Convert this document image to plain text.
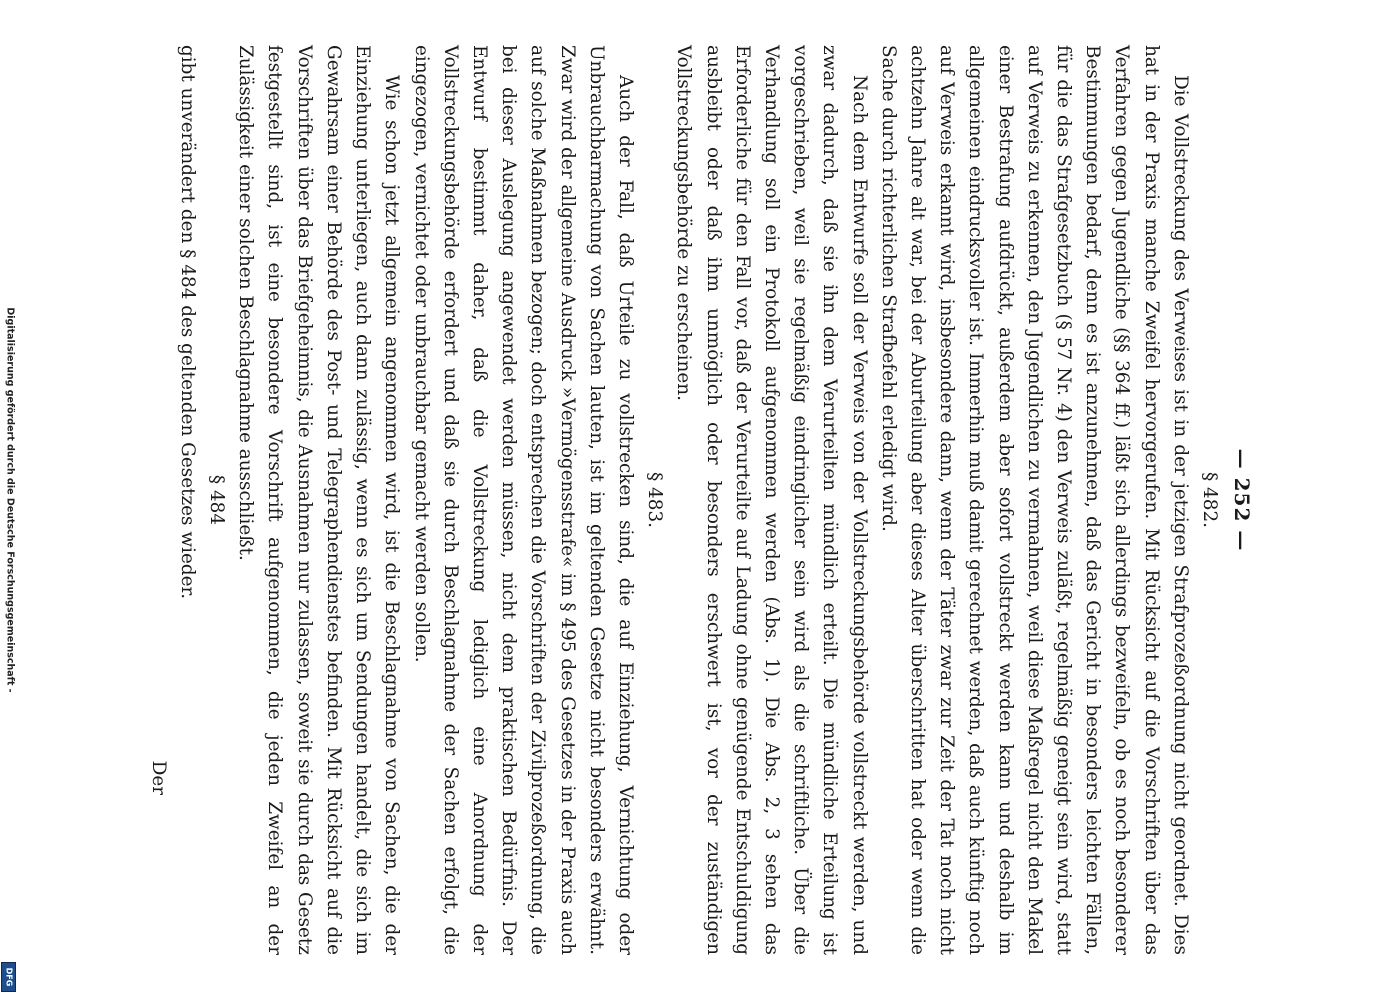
Digitalisierung gefördert durch die Deutsche Forschungsgemeinschaft -
DFG
— 252 —

§ 482.

Die Vollstreckung des Verweises ist in der jetzigen Strafprozeßordnung nicht geordnet. Dies hat in der Praxis manche Zweifel hervorgerufen. Mit Rücksicht auf die Vorschriften über das Verfahren gegen Jugendliche (§§ 364 ff.) läßt sich allerdings bezweifeln, ob es noch besonderer Bestimmungen bedarf, denn es ist anzunehmen, daß das Gericht in besonders leichten Fällen, für die das Strafgesetzbuch (§ 57 Nr. 4) den Verweis zuläßt, regelmäßig geneigt sein wird, statt auf Verweis zu erkennen, den Jugendlichen zu vermahnen, weil diese Maßregel nicht den Makel einer Bestrafung aufdrückt, außerdem aber sofort vollstreckt werden kann und deshalb im allgemeinen eindrucksvoller ist. Immerhin muß damit gerechnet werden, daß auch künftig noch auf Verweis erkannt wird, insbesondere dann, wenn der Täter zwar zur Zeit der Tat noch nicht achtzehn Jahre alt war, bei der Aburteilung aber dieses Alter überschritten hat oder wenn die Sache durch richterlichen Strafbefehl erledigt wird.

Nach dem Entwurfe soll der Verweis von der Vollstreckungsbehörde vollstreckt werden, und zwar dadurch, daß sie ihn dem Verurteilten mündlich erteilt. Die mündliche Erteilung ist vorgeschrieben, weil sie regelmäßig eindringlicher sein wird als die schriftliche. Über die Verhandlung soll ein Protokoll aufgenommen werden (Abs. 1). Die Abs. 2, 3 sehen das Erforderliche für den Fall vor, daß der Verurteilte auf Ladung ohne genügende Entschuldigung ausbleibt oder daß ihm unmöglich oder besonders erschwert ist, vor der zuständigen Vollstreckungsbehörde zu erscheinen.

§ 483.

Auch der Fall, daß Urteile zu vollstrecken sind, die auf Einziehung, Vernichtung oder Unbrauchbarmachung von Sachen lauten, ist im geltenden Gesetze nicht besonders erwähnt. Zwar wird der allgemeine Ausdruck »Vermögensstrafe« im § 495 des Gesetzes in der Praxis auch auf solche Maßnahmen bezogen; doch entsprechen die Vorschriften der Zivilprozeßordnung, die bei dieser Auslegung angewendet werden müssen, nicht dem praktischen Bedürfnis. Der Entwurf bestimmt daher, daß die Vollstreckung lediglich eine Anordnung der Vollstreckungsbehörde erfordert und daß sie durch Beschlagnahme der Sachen erfolgt, die eingezogen, vernichtet oder unbrauchbar gemacht werden sollen.

Wie schon jetzt allgemein angenommen wird, ist die Beschlagnahme von Sachen, die der Einziehung unterliegen, auch dann zulässig, wenn es sich um Sendungen handelt, die sich im Gewahrsam einer Behörde des Post- und Telegraphendienstes befinden. Mit Rücksicht auf die Vorschriften über das Briefgeheimnis, die Ausnahmen nur zulassen, soweit sie durch das Gesetz festgestellt sind, ist eine besondere Vorschrift aufgenommen, die jeden Zweifel an der Zulässigkeit einer solchen Beschlagnahme ausschließt.

§ 484

gibt unverändert den § 484 des geltenden Gesetzes wieder.

Der
